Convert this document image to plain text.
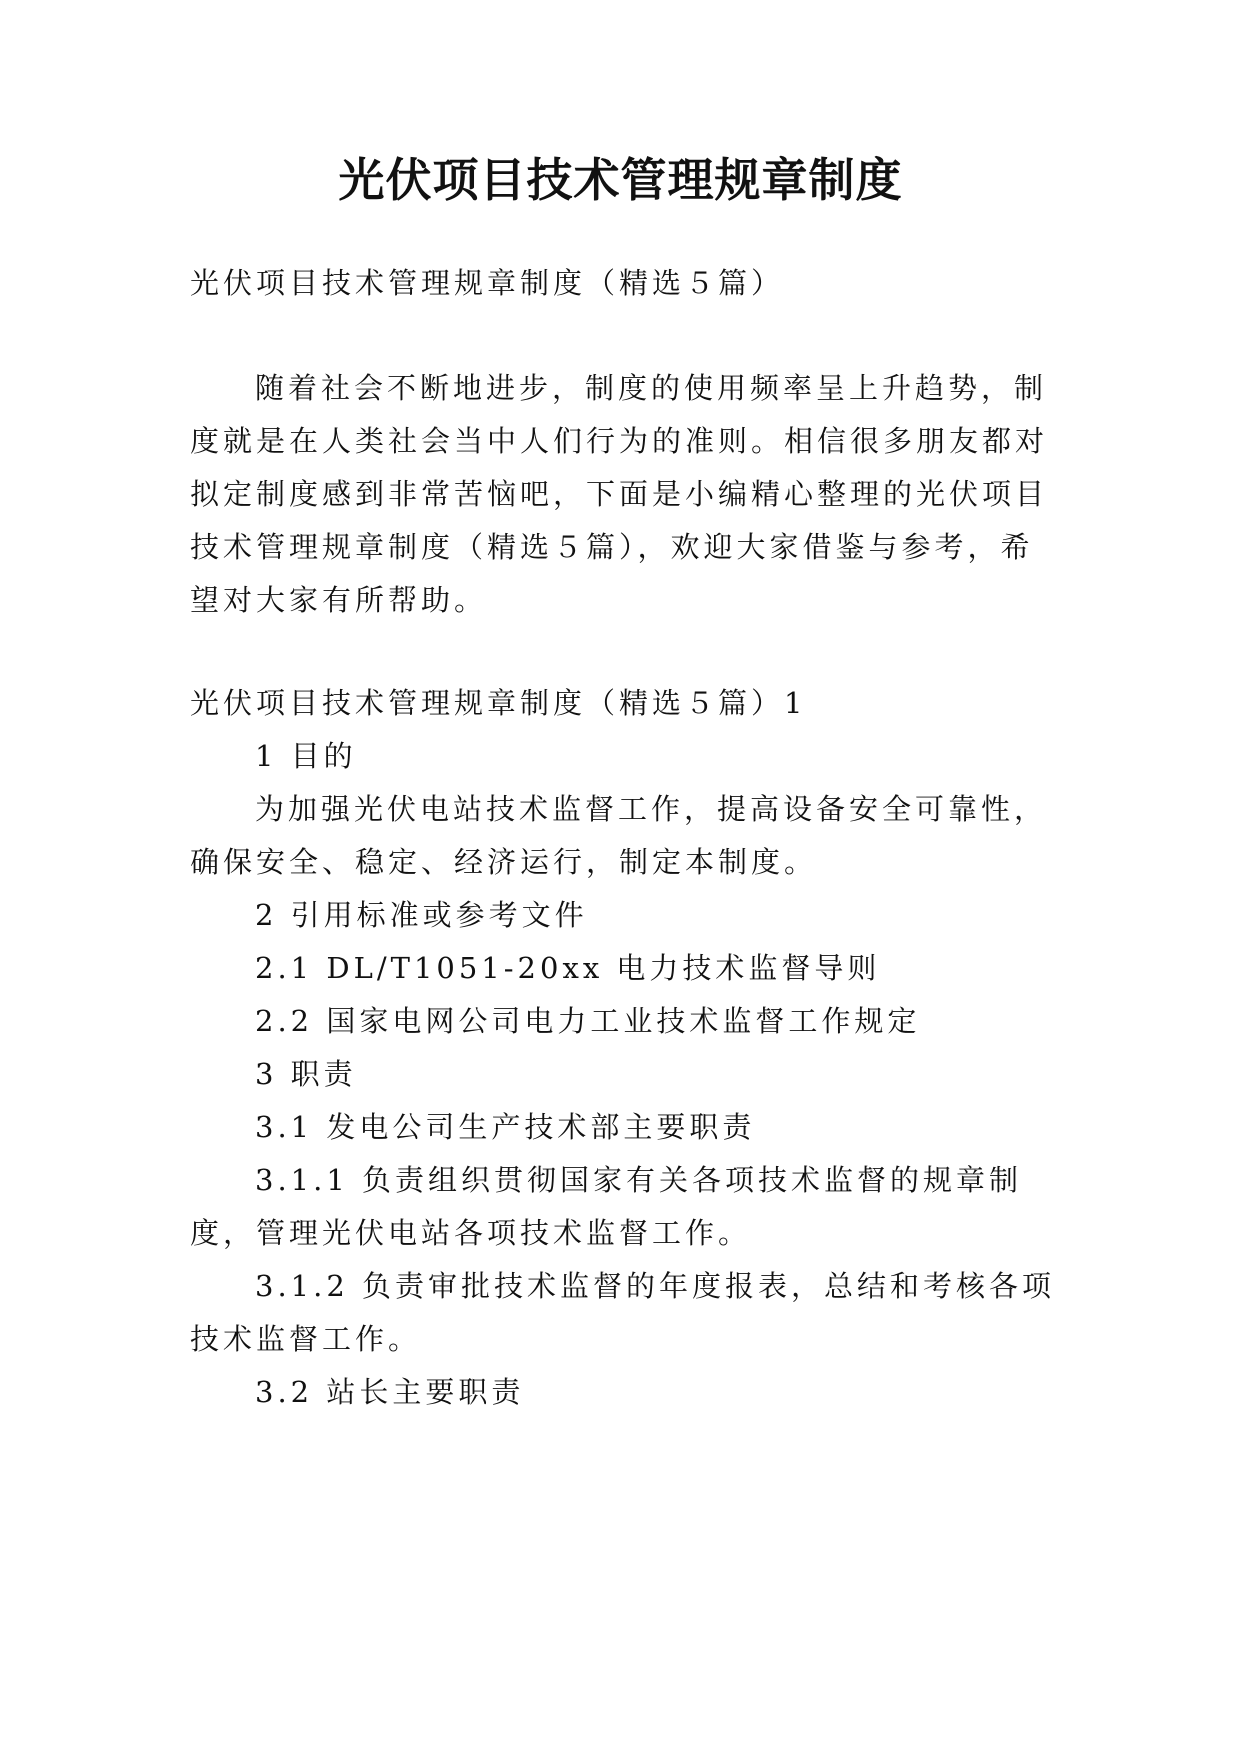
光伏项目技术管理规章制度
光伏项目技术管理规章制度（精选５篇）
随着社会不断地进步，制度的使用频率呈上升趋势，制
度就是在人类社会当中人们行为的准则。相信很多朋友都对
拟定制度感到非常苦恼吧，下面是小编精心整理的光伏项目
技术管理规章制度（精选５篇），欢迎大家借鉴与参考，希
望对大家有所帮助。
光伏项目技术管理规章制度（精选５篇）1
1 目的
为加强光伏电站技术监督工作，提高设备安全可靠性，
确保安全、稳定、经济运行，制定本制度。
2 引用标准或参考文件
2.1 DL/T1051-20xx 电力技术监督导则
2.2 国家电网公司电力工业技术监督工作规定
3 职责
3.1 发电公司生产技术部主要职责
3.1.1 负责组织贯彻国家有关各项技术监督的规章制
度，管理光伏电站各项技术监督工作。
3.1.2 负责审批技术监督的年度报表，总结和考核各项
技术监督工作。
3.2 站长主要职责
